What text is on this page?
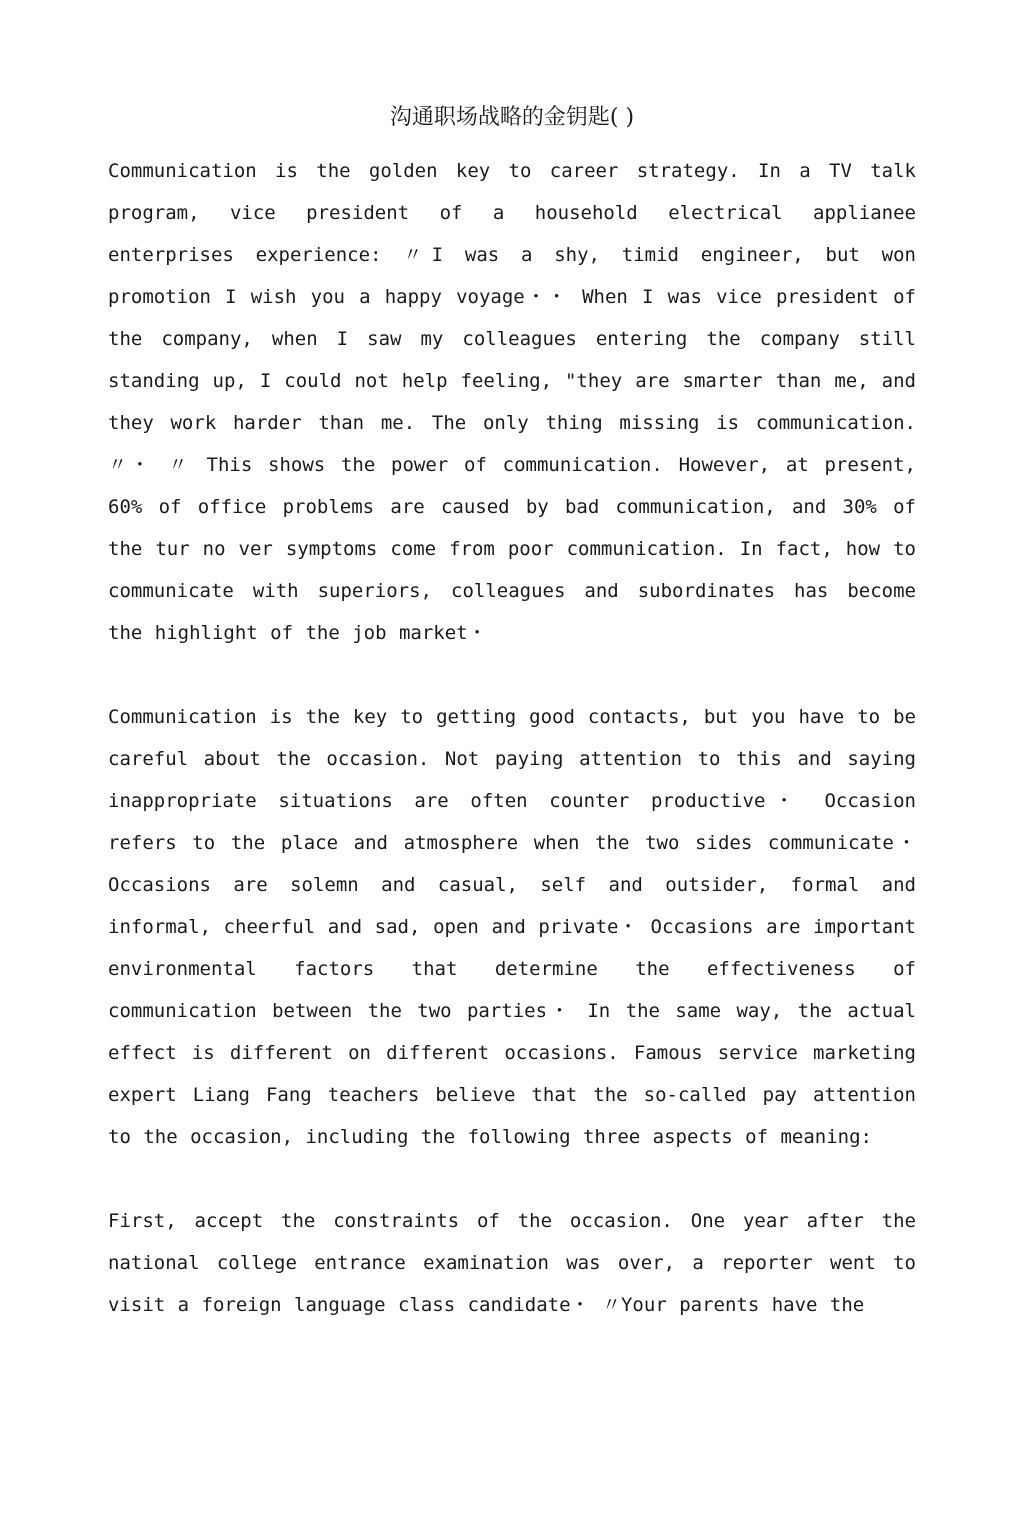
沟通职场战略的金钥匙( )

Communication is the golden key to career strategy. In a TV talk program, vice president of a household electrical applianee enterprises experience: 〃I was a shy, timid engineer, but won promotion I wish you a happy voyage・・ When I was vice president of the company, when I saw my colleagues entering the company still standing up, I could not help feeling, "they are smarter than me, and they work harder than me. The only thing missing is communication. 〃・ 〃 This shows the power of communication. However, at present, 60% of office problems are caused by bad communication, and 30% of the tur no ver symptoms come from poor communication. In fact, how to communicate with superiors, colleagues and subordinates has become the highlight of the job market・

Communication is the key to getting good contacts, but you have to be careful about the occasion. Not paying attention to this and saying inappropriate situations are often counter productive・ Occasion refers to the place and atmosphere when the two sides communicate・ Occasions are solemn and casual, self and outsider, formal and informal, cheerful and sad, open and private・ Occasions are important environmental factors that determine the effectiveness of communication between the two parties・ In the same way, the actual effect is different on different occasions. Famous service marketing expert Liang Fang teachers believe that the so-called pay attention to the occasion, including the following three aspects of meaning:

First, accept the constraints of the occasion. One year after the national college entrance examination was over, a reporter went to visit a foreign language class candidate・ 〃Your parents have the
